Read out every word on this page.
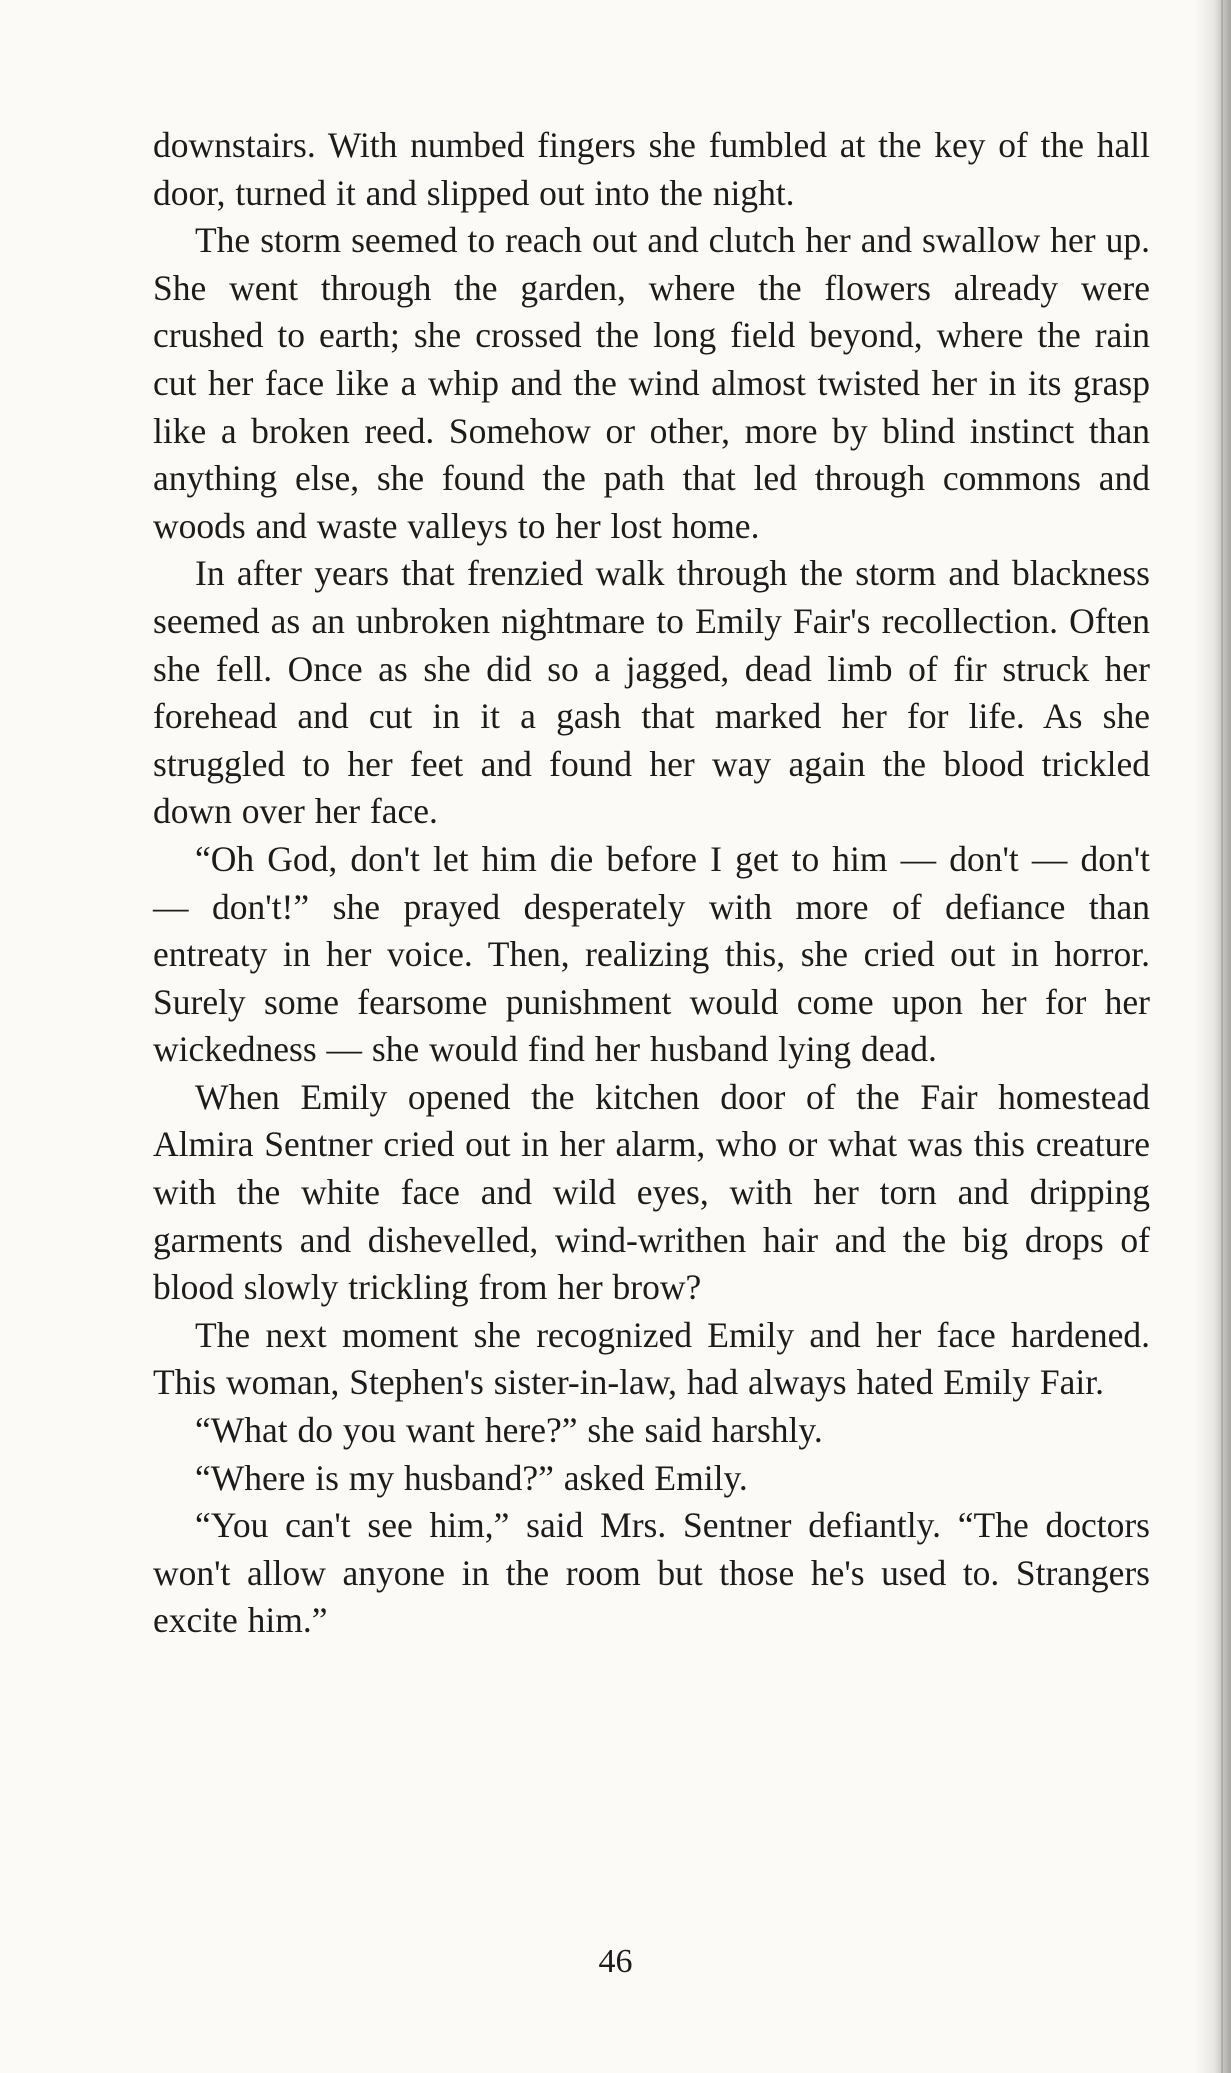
downstairs. With numbed fingers she fumbled at the key of the hall door, turned it and slipped out into the night.

The storm seemed to reach out and clutch her and swallow her up. She went through the garden, where the flowers already were crushed to earth; she crossed the long field beyond, where the rain cut her face like a whip and the wind almost twisted her in its grasp like a broken reed. Somehow or other, more by blind instinct than anything else, she found the path that led through commons and woods and waste valleys to her lost home.

In after years that frenzied walk through the storm and blackness seemed as an unbroken nightmare to Emily Fair's recollection. Often she fell. Once as she did so a jagged, dead limb of fir struck her forehead and cut in it a gash that marked her for life. As she struggled to her feet and found her way again the blood trickled down over her face.

“Oh God, don't let him die before I get to him — don't — don't — don't!” she prayed desperately with more of defiance than entreaty in her voice. Then, realizing this, she cried out in horror. Surely some fearsome punishment would come upon her for her wickedness — she would find her husband lying dead.

When Emily opened the kitchen door of the Fair homestead Almira Sentner cried out in her alarm, who or what was this creature with the white face and wild eyes, with her torn and dripping garments and dishevelled, wind-writhen hair and the big drops of blood slowly trickling from her brow?

The next moment she recognized Emily and her face hardened. This woman, Stephen's sister-in-law, had always hated Emily Fair.

“What do you want here?” she said harshly.

“Where is my husband?” asked Emily.

“You can't see him,” said Mrs. Sentner defiantly. “The doctors won't allow anyone in the room but those he's used to. Strangers excite him.”

46
